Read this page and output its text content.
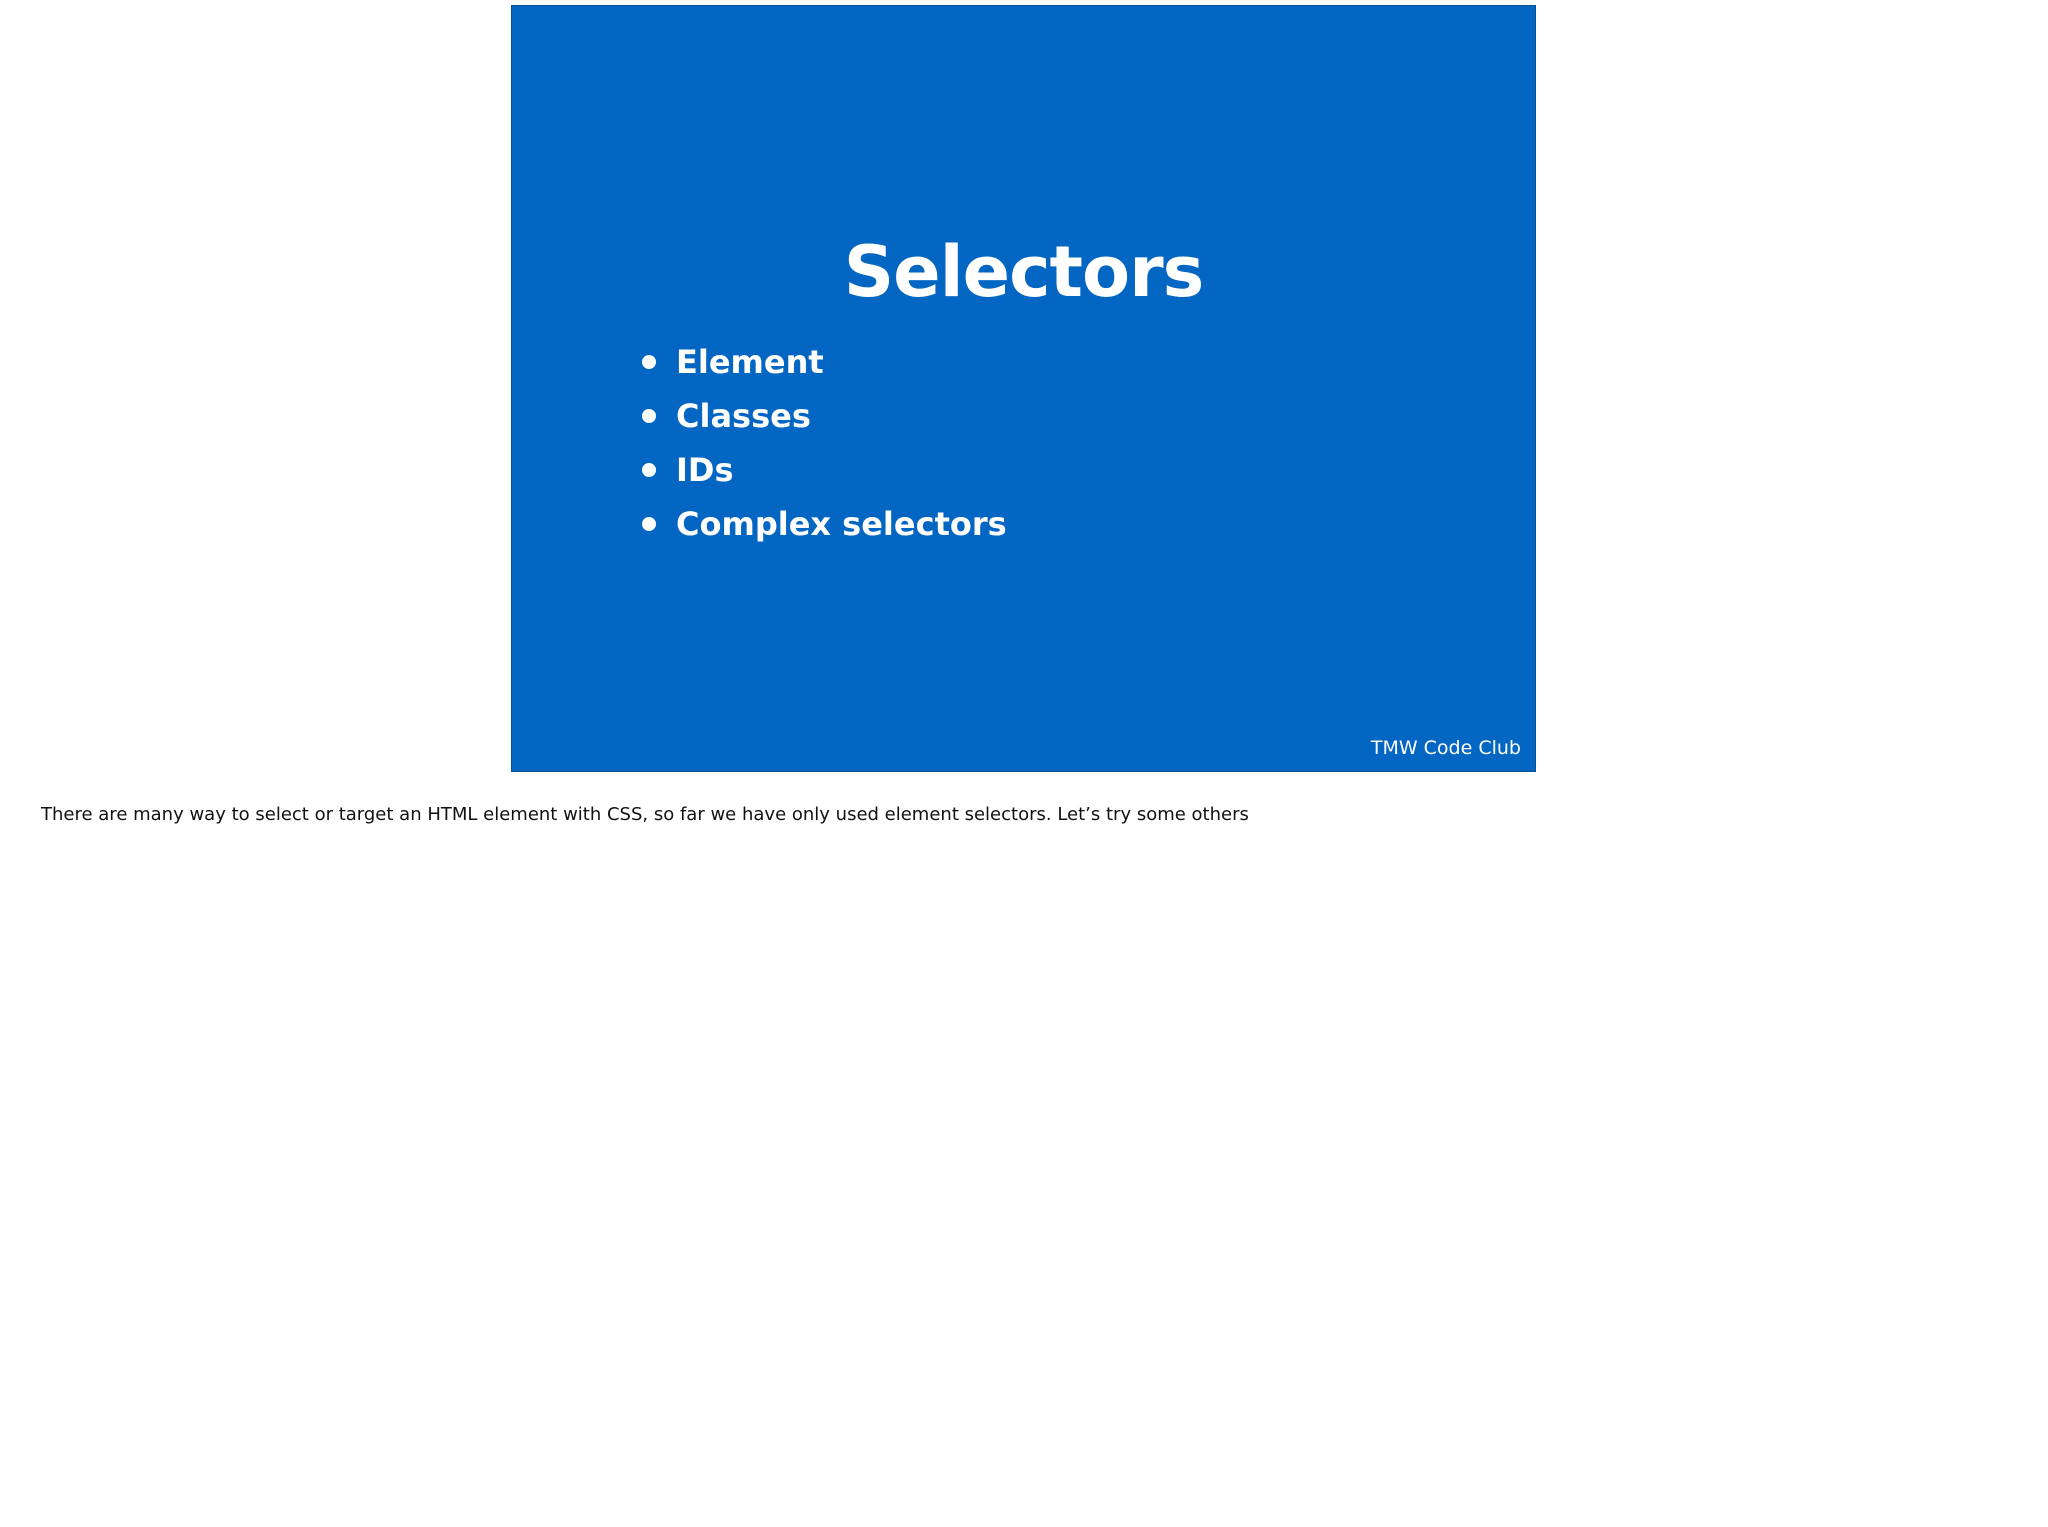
Selectors
Element
Classes
IDs
Complex selectors
TMW Code Club

There are many way to select or target an HTML element with CSS, so far we have only used element selectors. Let’s try some others
